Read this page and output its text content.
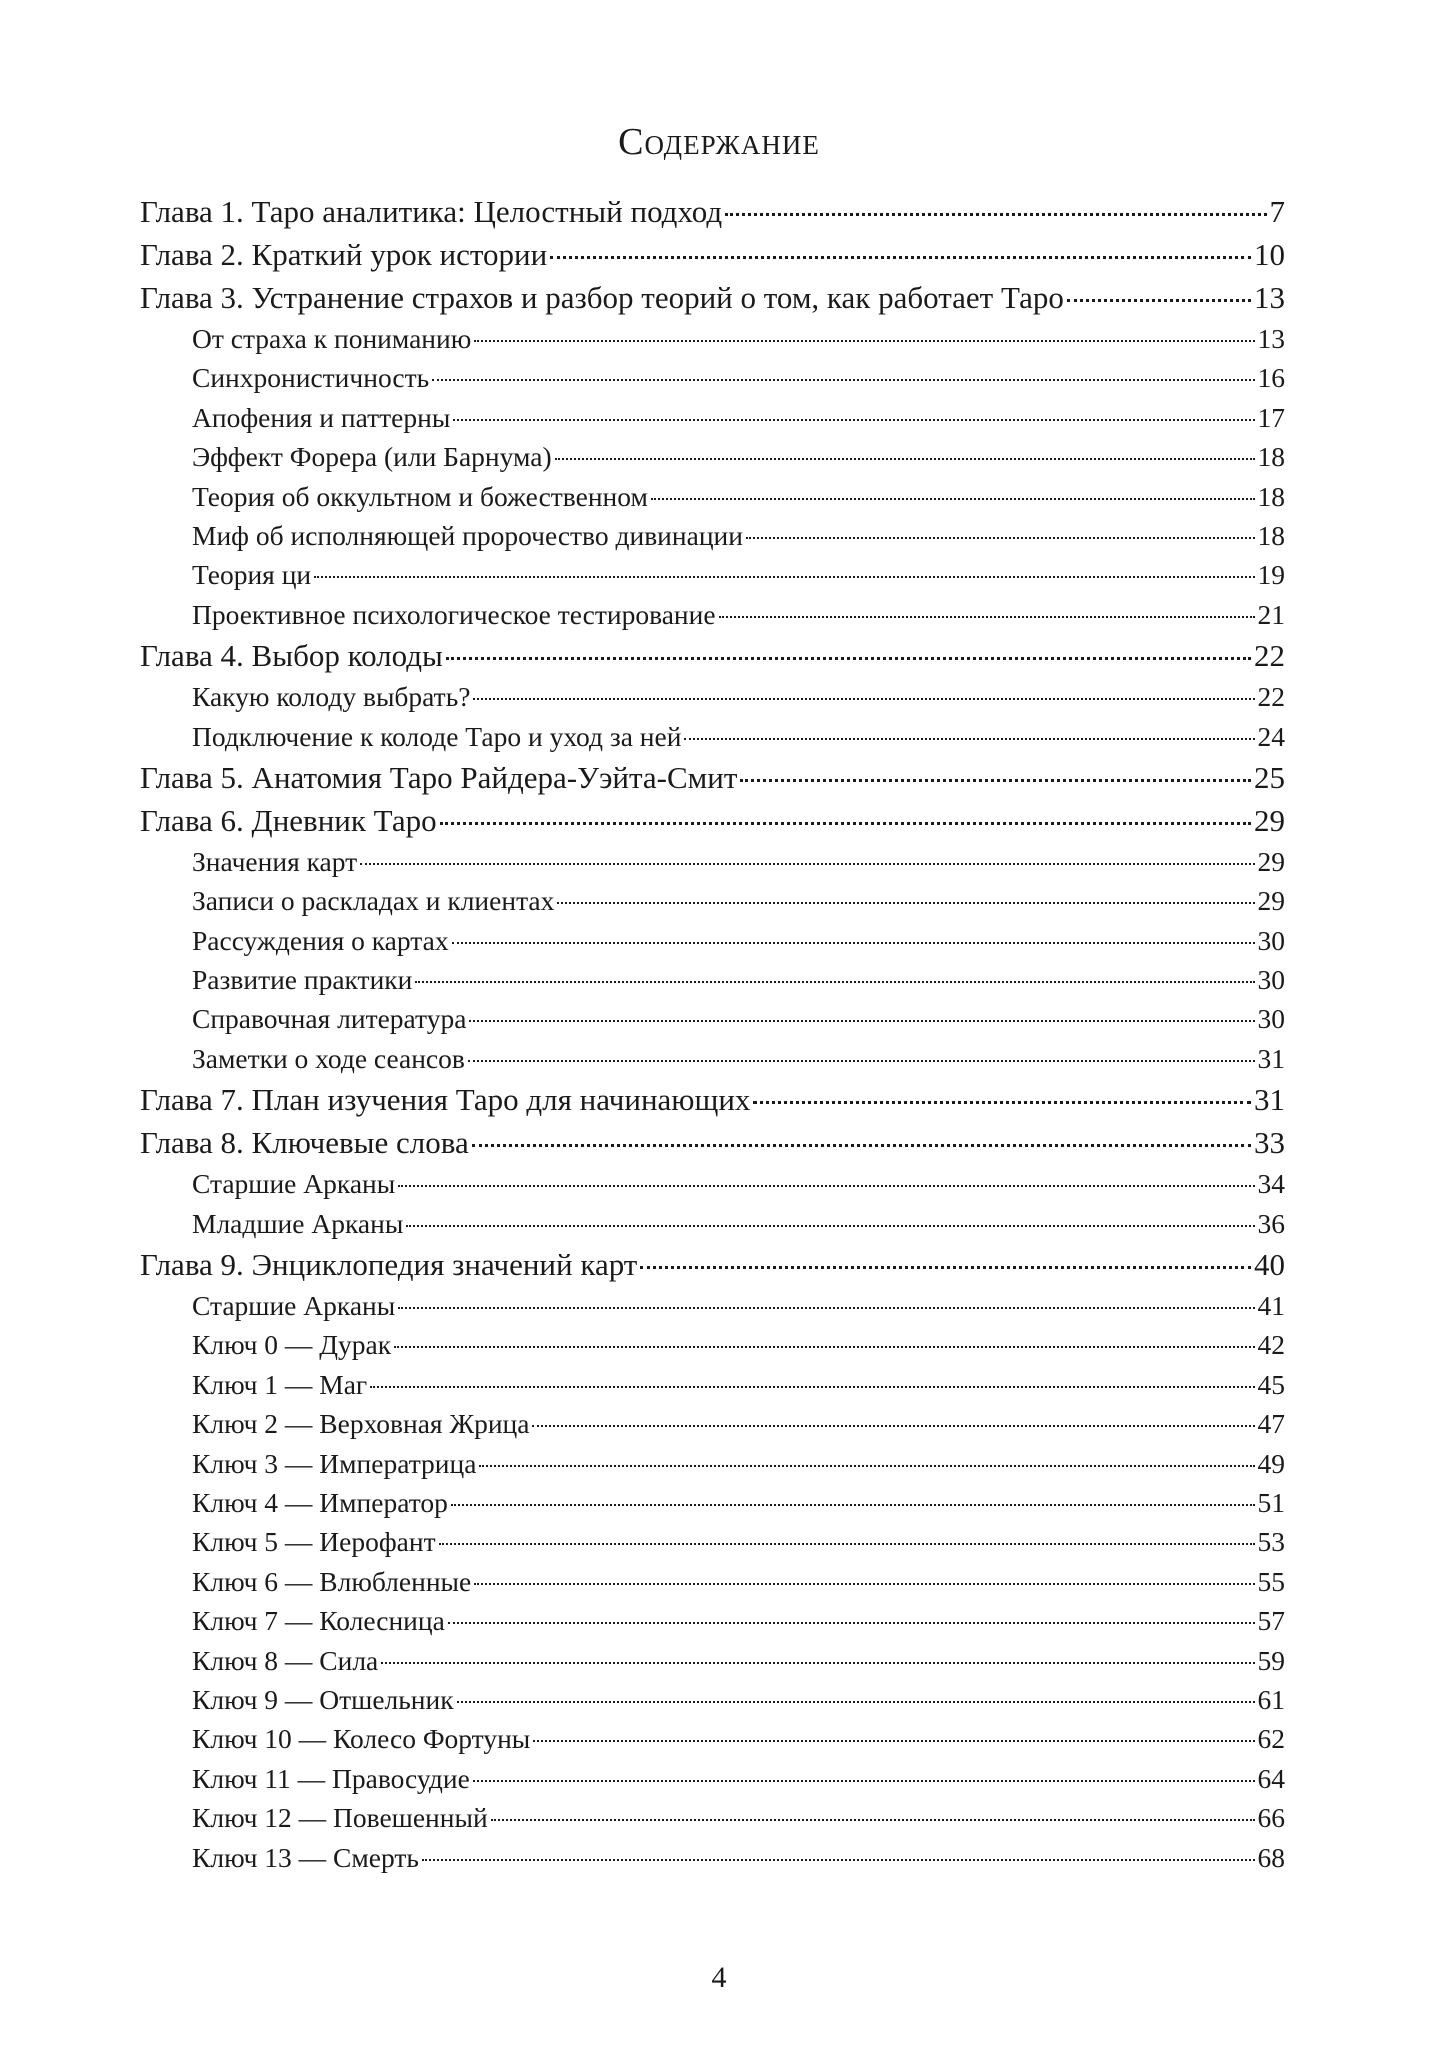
Содержание
Глава 1. Таро аналитика: Целостный подход	7
Глава 2. Краткий урок истории	10
Глава 3. Устранение страхов и разбор теорий о том, как работает Таро	13
От страха к пониманию	13
Синхронистичность	16
Апофения и паттерны	17
Эффект Форера (или Барнума)	18
Теория об оккультном и божественном	18
Миф об исполняющей пророчество дивинации	18
Теория ци	19
Проективное психологическое тестирование	21
Глава 4. Выбор колоды	22
Какую колоду выбрать?	22
Подключение к колоде Таро и уход за ней	24
Глава 5. Анатомия Таро Райдера-Уэйта-Смит	25
Глава 6. Дневник Таро	29
Значения карт	29
Записи о раскладах и клиентах	29
Рассуждения о картах	30
Развитие практики	30
Справочная литература	30
Заметки о ходе сеансов	31
Глава 7. План изучения Таро для начинающих	31
Глава 8. Ключевые слова	33
Старшие Арканы	34
Младшие Арканы	36
Глава 9. Энциклопедия значений карт	40
Старшие Арканы	41
Ключ 0 — Дурак	42
Ключ 1 — Маг	45
Ключ 2 — Верховная Жрица	47
Ключ 3 — Императрица	49
Ключ 4 — Император	51
Ключ 5 — Иерофант	53
Ключ 6 — Влюбленные	55
Ключ 7 — Колесница	57
Ключ 8 — Сила	59
Ключ 9 — Отшельник	61
Ключ 10 — Колесо Фортуны	62
Ключ 11 — Правосудие	64
Ключ 12 — Повешенный	66
Ключ 13 — Смерть	68
4
